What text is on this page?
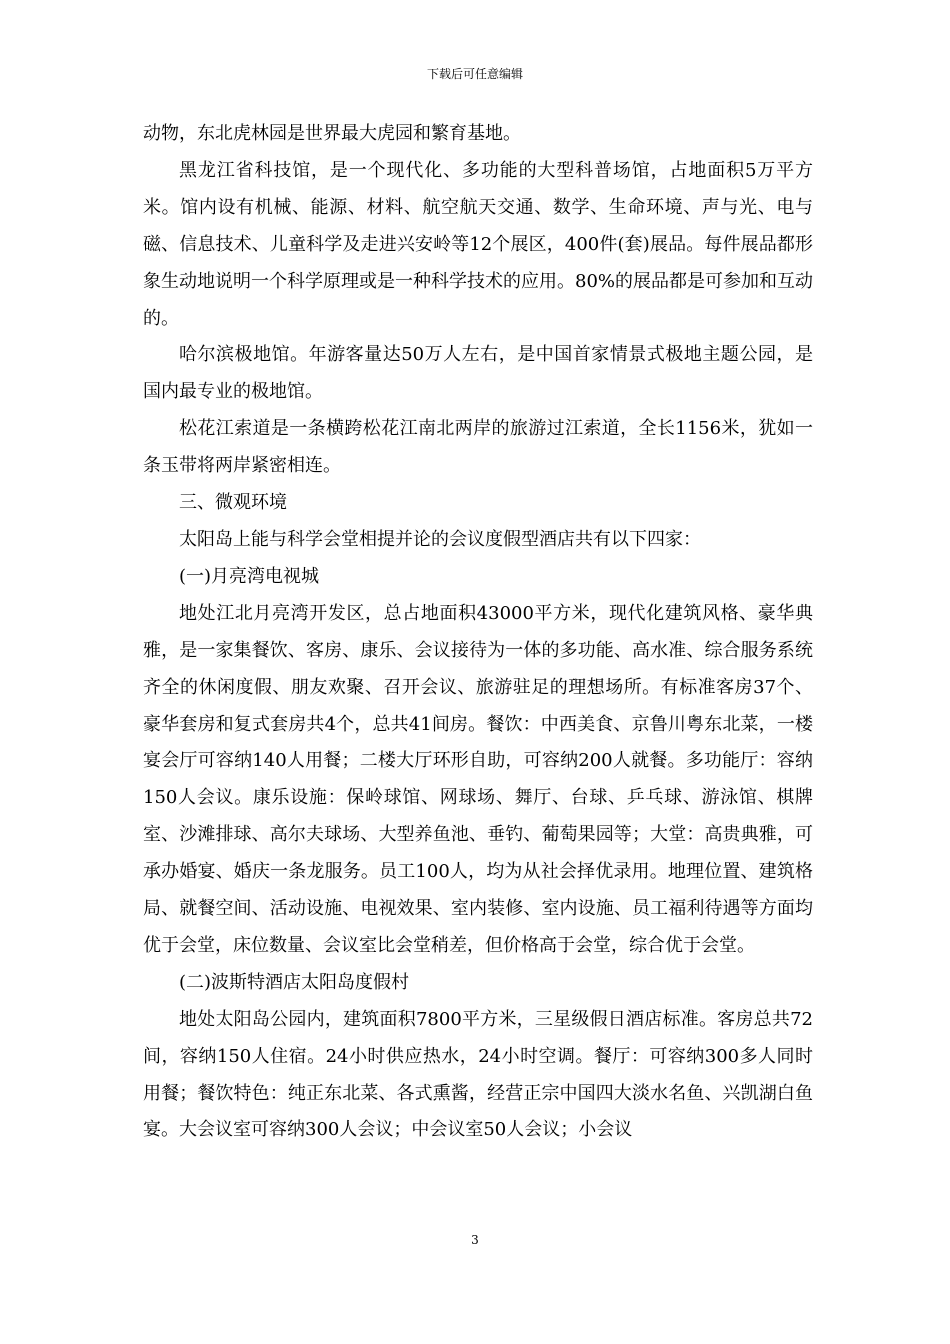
下载后可任意编辑

动物，东北虎林园是世界最大虎园和繁育基地。

黑龙江省科技馆，是一个现代化、多功能的大型科普场馆，占地面积5万平方米。馆内设有机械、能源、材料、航空航天交通、数学、生命环境、声与光、电与磁、信息技术、儿童科学及走进兴安岭等12个展区，400件(套)展品。每件展品都形象生动地说明一个科学原理或是一种科学技术的应用。80%的展品都是可参加和互动的。

哈尔滨极地馆。年游客量达50万人左右，是中国首家情景式极地主题公园，是国内最专业的极地馆。

松花江索道是一条横跨松花江南北两岸的旅游过江索道，全长1156米，犹如一条玉带将两岸紧密相连。

三、微观环境

太阳岛上能与科学会堂相提并论的会议度假型酒店共有以下四家：

(一)月亮湾电视城

地处江北月亮湾开发区，总占地面积43000平方米，现代化建筑风格、豪华典雅，是一家集餐饮、客房、康乐、会议接待为一体的多功能、高水准、综合服务系统齐全的休闲度假、朋友欢聚、召开会议、旅游驻足的理想场所。有标准客房37个、豪华套房和复式套房共4个，总共41间房。餐饮：中西美食、京鲁川粤东北菜，一楼宴会厅可容纳140人用餐；二楼大厅环形自助，可容纳200人就餐。多功能厅：容纳150人会议。康乐设施：保岭球馆、网球场、舞厅、台球、乒乓球、游泳馆、棋牌室、沙滩排球、高尔夫球场、大型养鱼池、垂钓、葡萄果园等；大堂：高贵典雅，可承办婚宴、婚庆一条龙服务。员工100人，均为从社会择优录用。地理位置、建筑格局、就餐空间、活动设施、电视效果、室内装修、室内设施、员工福利待遇等方面均优于会堂，床位数量、会议室比会堂稍差，但价格高于会堂，综合优于会堂。

(二)波斯特酒店太阳岛度假村

地处太阳岛公园内，建筑面积7800平方米，三星级假日酒店标准。客房总共72间，容纳150人住宿。24小时供应热水，24小时空调。餐厅：可容纳300多人同时用餐；餐饮特色：纯正东北菜、各式熏酱，经营正宗中国四大淡水名鱼、兴凯湖白鱼宴。大会议室可容纳300人会议；中会议室50人会议；小会议

3
